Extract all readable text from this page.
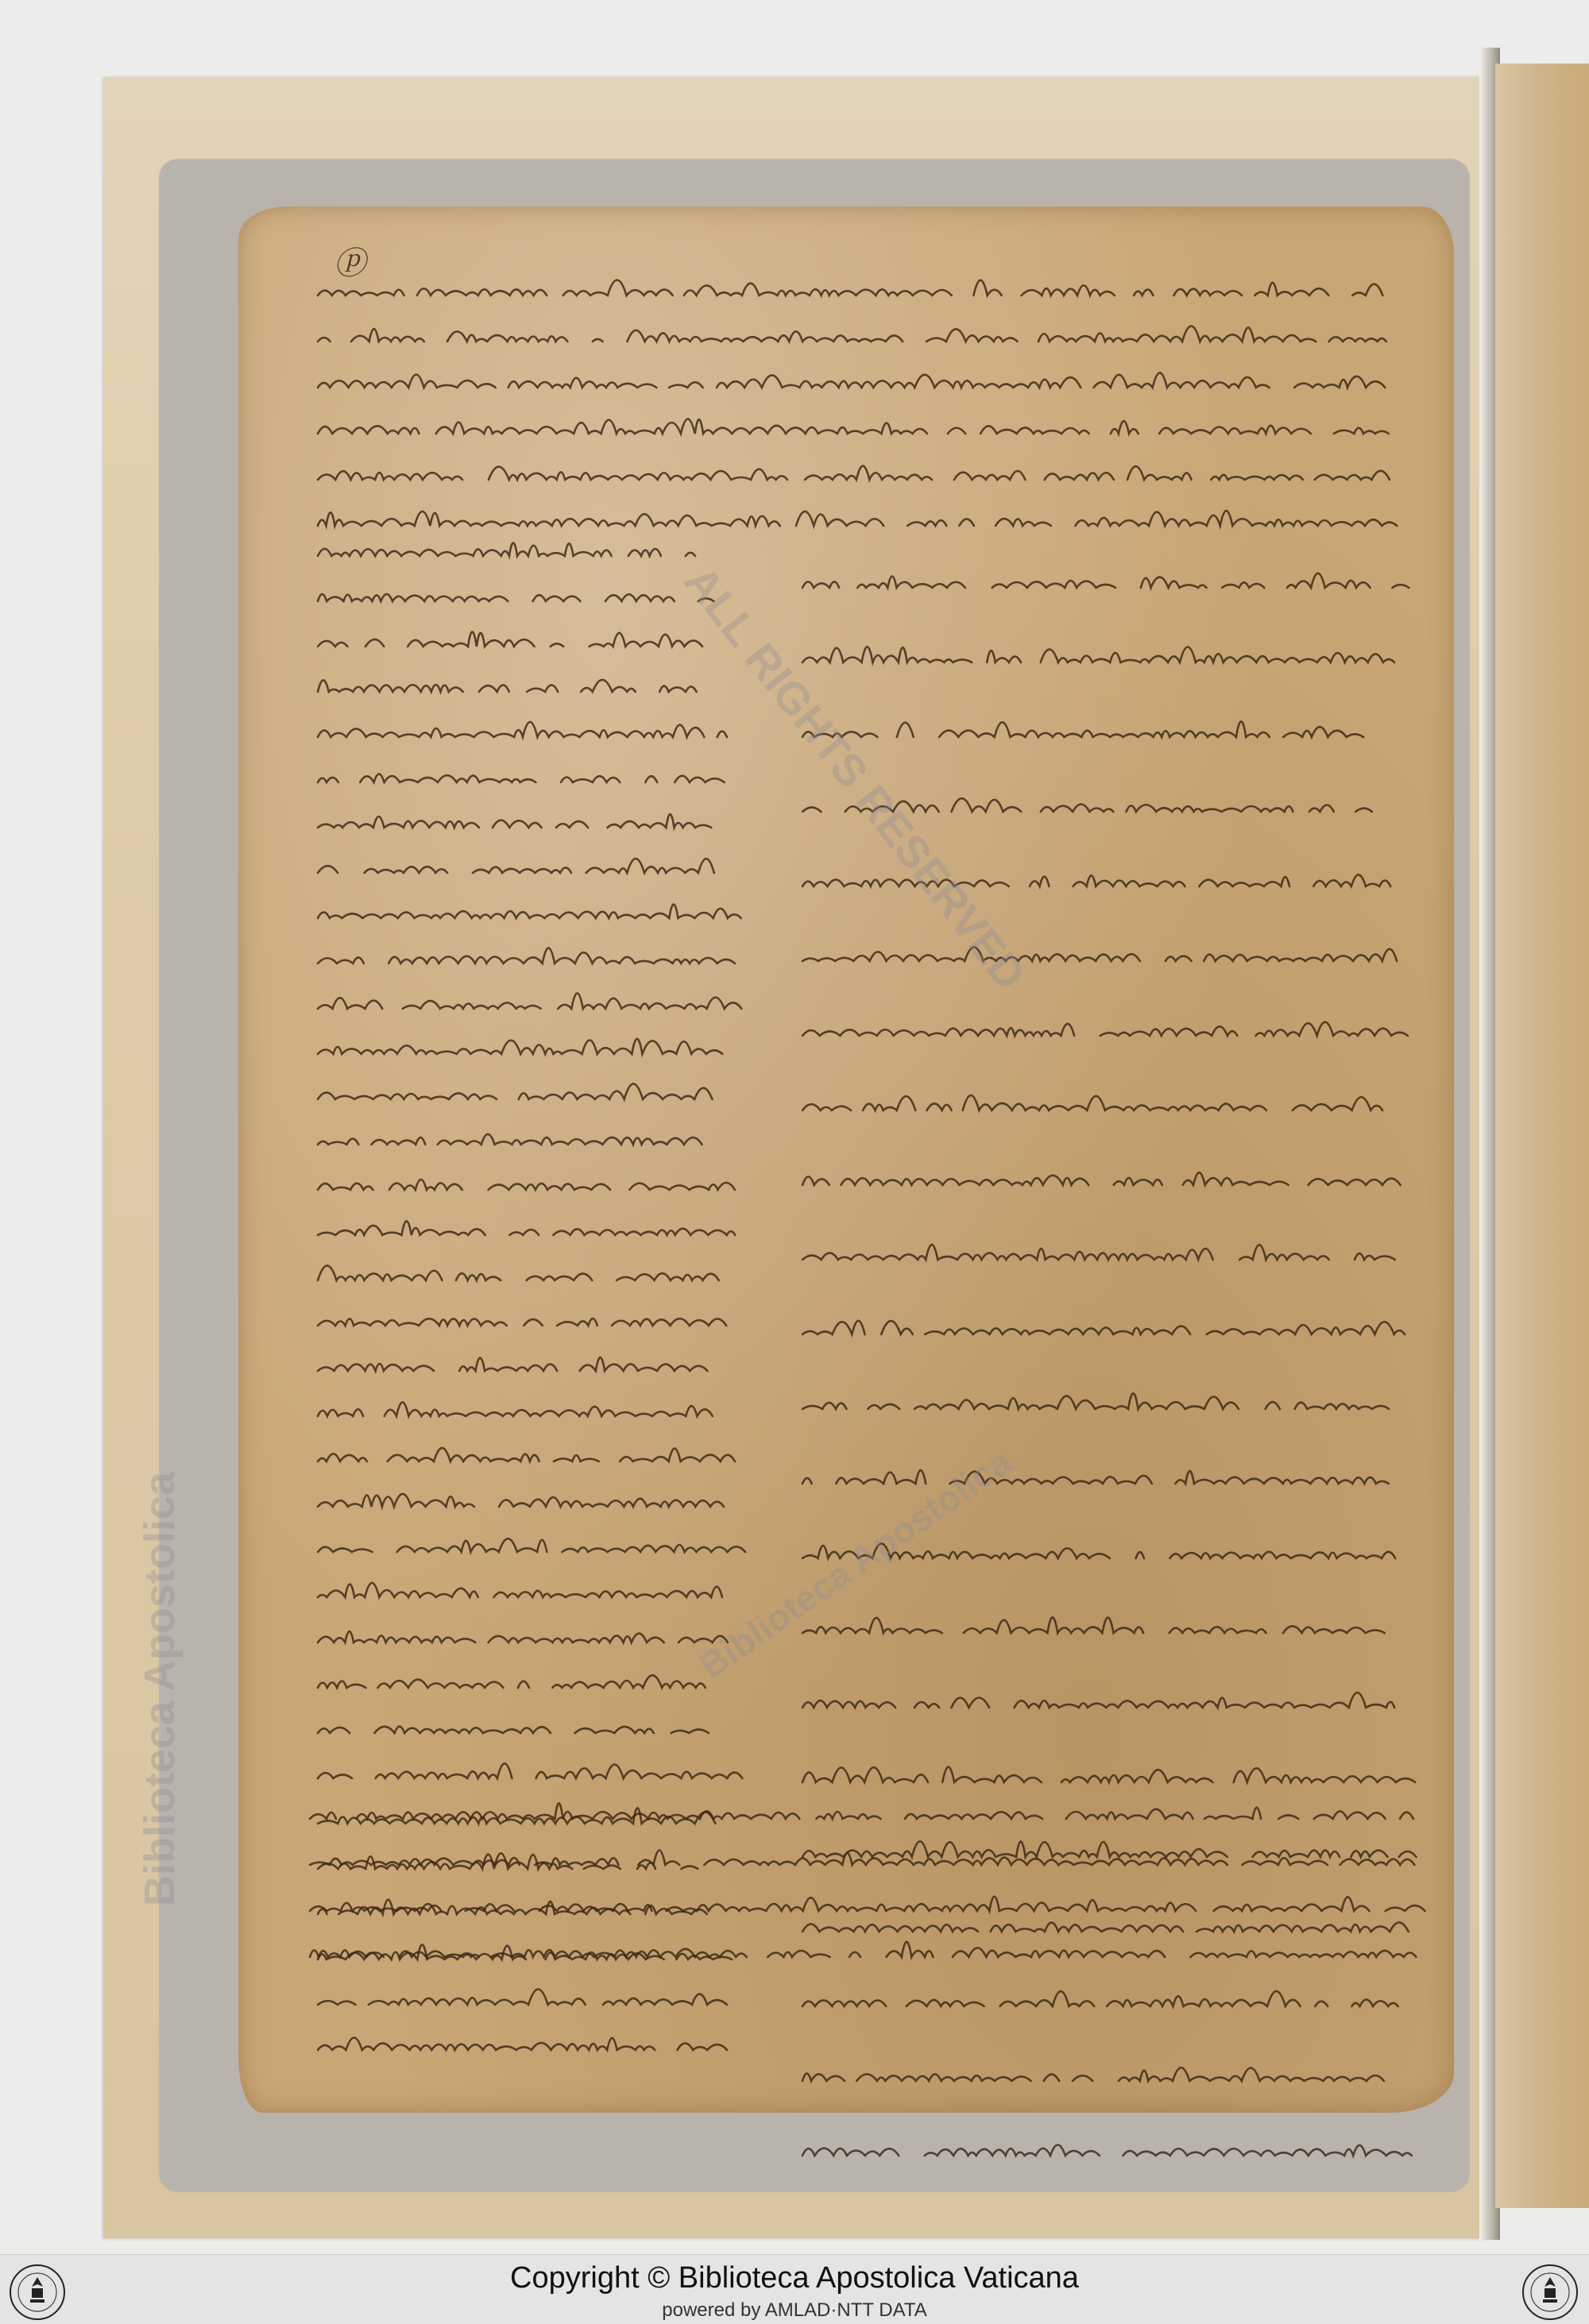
ⓟ
Biblioteca Apostolica
ALL RIGHTS RESERVED
Biblioteca Apostolica
Copyright © Biblioteca Apostolica Vaticana
powered by AMLAD·NTT DATA
